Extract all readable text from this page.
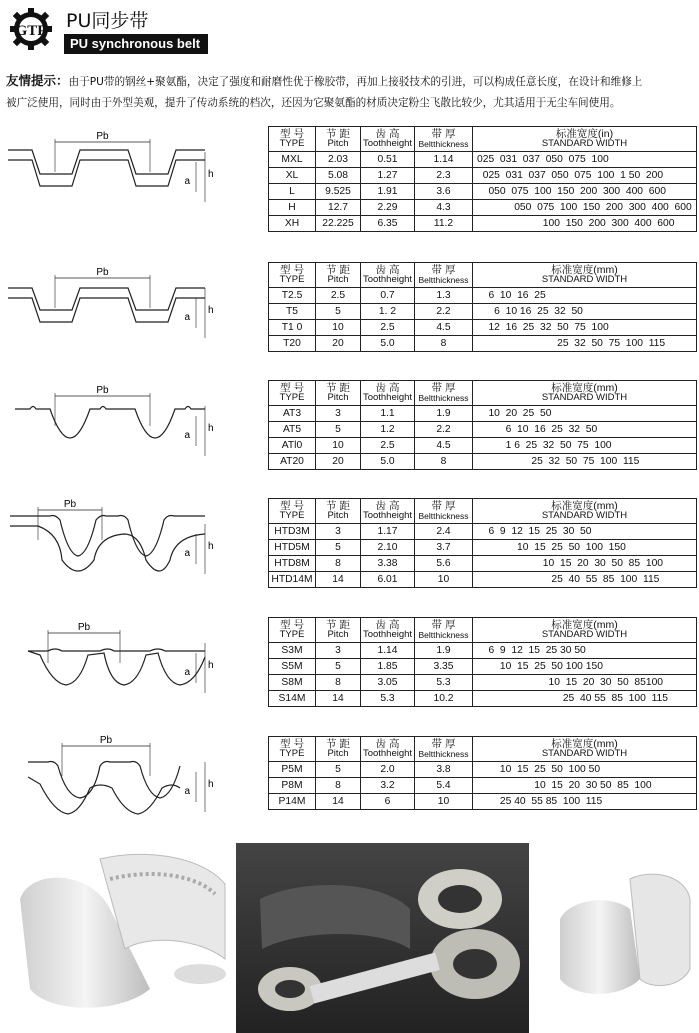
GTP PU同步带
PU synchronous belt
友情提示：由于PU带的钢丝+聚氨酯，决定了强度和耐磨性优于橡胶带，再加上接驳技术的引进，可以构成任意长度，在设计和维修上
被广泛使用，同时由于外型美观，提升了传动系统的档次，还因为它聚氨酯的材质决定粉尘飞散比较少，尤其适用于无尘车间使用。
Pb
a
h
型 号
TYPE	节 距
Pitch	齿 高
Toothheight	带 厚
Beltthickness	标准宽度(in)
STANDARD WIDTH
MXL	2.03	0.51	1.14	025  031  037  050  075  100
XL	5.08	1.27	2.3	025  031  037  050  075  100  1 50  200
L	9.525	1.91	3.6	050  075  100  150  200  300  400  600
H	12.7	2.29	4.3	050  075  100  150  200  300  400  600
XH	22.225	6.35	11.2	100  150  200  300  400  600
Pb
a
h
型 号
TYPE	节 距
Pitch	齿 高
Toothheight	带 厚
Beltthickness	标准宽度(mm)
STANDARD WIDTH
T2.5	2.5	0.7	1.3	6  10  16  25
T5	5	1. 2	2.2	6  10 16  25  32  50
T1 0	10	2.5	4.5	12  16  25  32  50  75  100
T20	20	5.0	8	25  32  50  75  100  115
Pb
a
h
型 号
TYPE	节 距
Pitch	齿 高
Toothheight	带 厚
Beltthickness	标准宽度(mm)
STANDARD WIDTH
AT3	3	1.1	1.9	10  20  25  50
AT5	5	1.2	2.2	6  10  16  25  32  50
ATl0	10	2.5	4.5	1 6  25  32  50  75  100
AT20	20	5.0	8	25  32  50  75  100  115
Pb
a
h
型 号
TYPE	节 距
Pitch	齿 高
Toothheight	带 厚
Beltthickness	标准宽度(mm)
STANDARD WIDTH
HTD3M	3	1.17	2.4	6  9  12  15  25  30  50
HTD5M	5	2.10	3.7	10  15  25  50  100  150
HTD8M	8	3.38	5.6	10  15  20  30  50  85  100
HTD14M	14	6.01	10	25  40  55  85  100  115
Pb
a
h
型 号
TYPE	节 距
Pitch	齿 高
Toothheight	带 厚
Beltthickness	标准宽度(mm)
STANDARD WIDTH
S3M	3	1.14	1.9	6  9  12  15  25 30 50
S5M	5	1.85	3.35	10  15  25  50 100 150
S8M	8	3.05	5.3	10  15  20  30  50  85100
S14M	14	5.3	10.2	25  40 55  85  100  115
Pb
a
h
型 号
TYPE	节 距
Pitch	齿 高
Toothheight	带 厚
Beltthickness	标准宽度(mm)
STANDARD WIDTH
P5M	5	2.0	3.8	10  15  25  50  100 50
P8M	8	3.2	5.4	10  15  20  30 50  85  100
P14M	14	6	10	25 40  55 85  100  115
